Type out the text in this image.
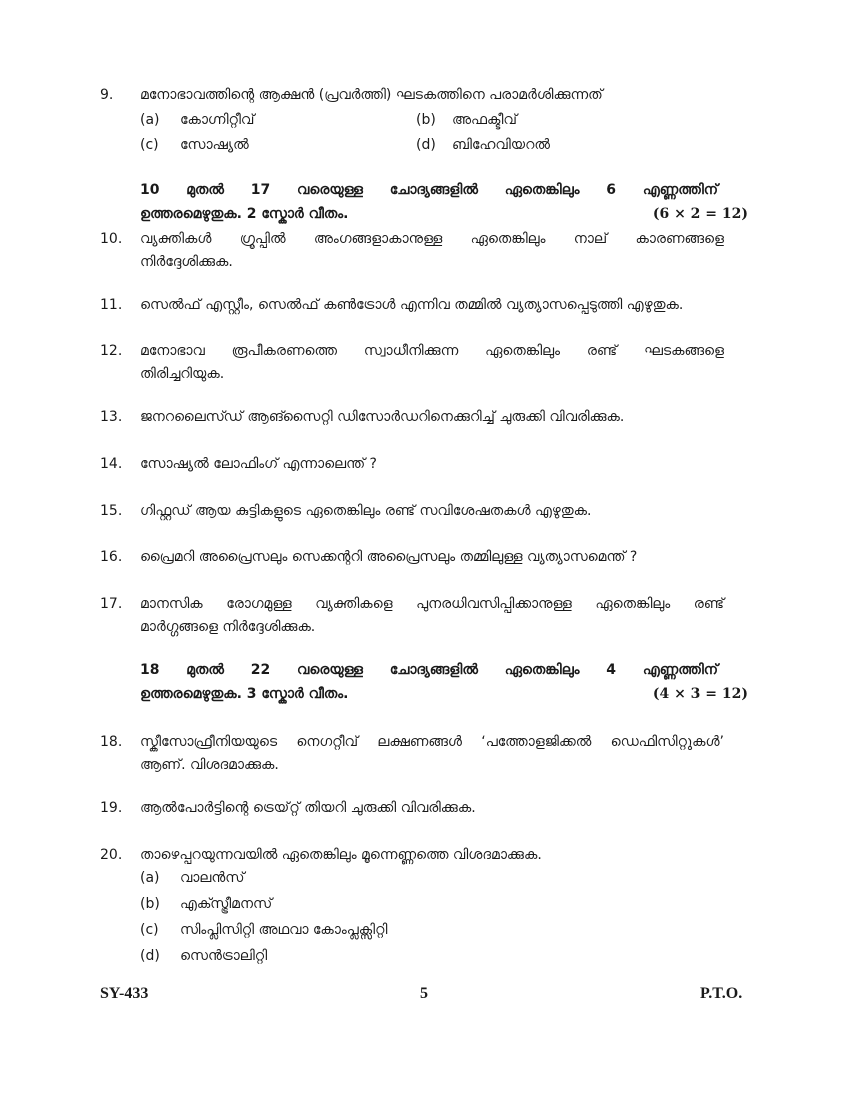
9.	മനോഭാവത്തിന്റെ ആക്ഷൻ (പ്രവർത്തി) ഘടകത്തിനെ പരാമർശിക്കുന്നത്
(a) കോഗ്നിറ്റീവ്	(b) അഫക്ടീവ്
(c) സോഷ്യൽ	(d) ബിഹേവിയറൽ
10 മുതൽ 17 വരെയുള്ള ചോദ്യങ്ങളിൽ ഏതെങ്കിലും 6 എണ്ണത്തിന്
ഉത്തരമെഴുതുക. 2 സ്കോർ വീതം.	(6 × 2 = 12)
10.	വ്യക്തികൾ ഗ്രൂപ്പിൽ അംഗങ്ങളാകാനുള്ള ഏതെങ്കിലും നാല് കാരണങ്ങളെ
നിർദ്ദേശിക്കുക.
11.	സെൽഫ് എസ്റ്റീം, സെൽഫ് കൺട്രോൾ എന്നിവ തമ്മിൽ വ്യത്യാസപ്പെടുത്തി എഴുതുക.
12.	മനോഭാവ രൂപീകരണത്തെ സ്വാധീനിക്കുന്ന ഏതെങ്കിലും രണ്ട് ഘടകങ്ങളെ
തിരിച്ചറിയുക.
13.	ജനറലൈസ്ഡ് ആങ്സൈറ്റി ഡിസോർഡറിനെക്കുറിച്ച് ചുരുക്കി വിവരിക്കുക.
14.	സോഷ്യൽ ലോഫിംഗ് എന്നാലെന്ത് ?
15.	ഗിഫ്റ്റഡ് ആയ കുട്ടികളുടെ ഏതെങ്കിലും രണ്ട് സവിശേഷതകൾ എഴുതുക.
16.	പ്രൈമറി അപ്രൈസലും സെക്കന്ററി അപ്രൈസലും തമ്മിലുള്ള വ്യത്യാസമെന്ത് ?
17.	മാനസിക രോഗമുള്ള വ്യക്തികളെ പുനരധിവസിപ്പിക്കാനുള്ള ഏതെങ്കിലും രണ്ട്
മാർഗ്ഗങ്ങളെ നിർദ്ദേശിക്കുക.
18 മുതൽ 22 വരെയുള്ള ചോദ്യങ്ങളിൽ ഏതെങ്കിലും 4 എണ്ണത്തിന്
ഉത്തരമെഴുതുക. 3 സ്കോർ വീതം.	(4 × 3 = 12)
18.	സ്കീസോഫ്രീനിയയുടെ നെഗറ്റീവ് ലക്ഷണങ്ങൾ ‘പത്തോളജിക്കൽ ഡെഫിസിറ്റുകൾ’
ആണ്. വിശദമാക്കുക.
19.	ആൽപോർട്ടിന്റെ ട്രെയ്റ്റ് തിയറി ചുരുക്കി വിവരിക്കുക.
20.	താഴെപ്പറയുന്നവയിൽ ഏതെങ്കിലും മൂന്നെണ്ണത്തെ വിശദമാക്കുക.
(a) വാലൻസ്
(b) എക്സ്ട്രീമനസ്
(c) സിംപ്ലിസിറ്റി അഥവാ കോംപ്ലക്സിറ്റി
(d) സെൻട്രാലിറ്റി
SY-433	5	P.T.O.
